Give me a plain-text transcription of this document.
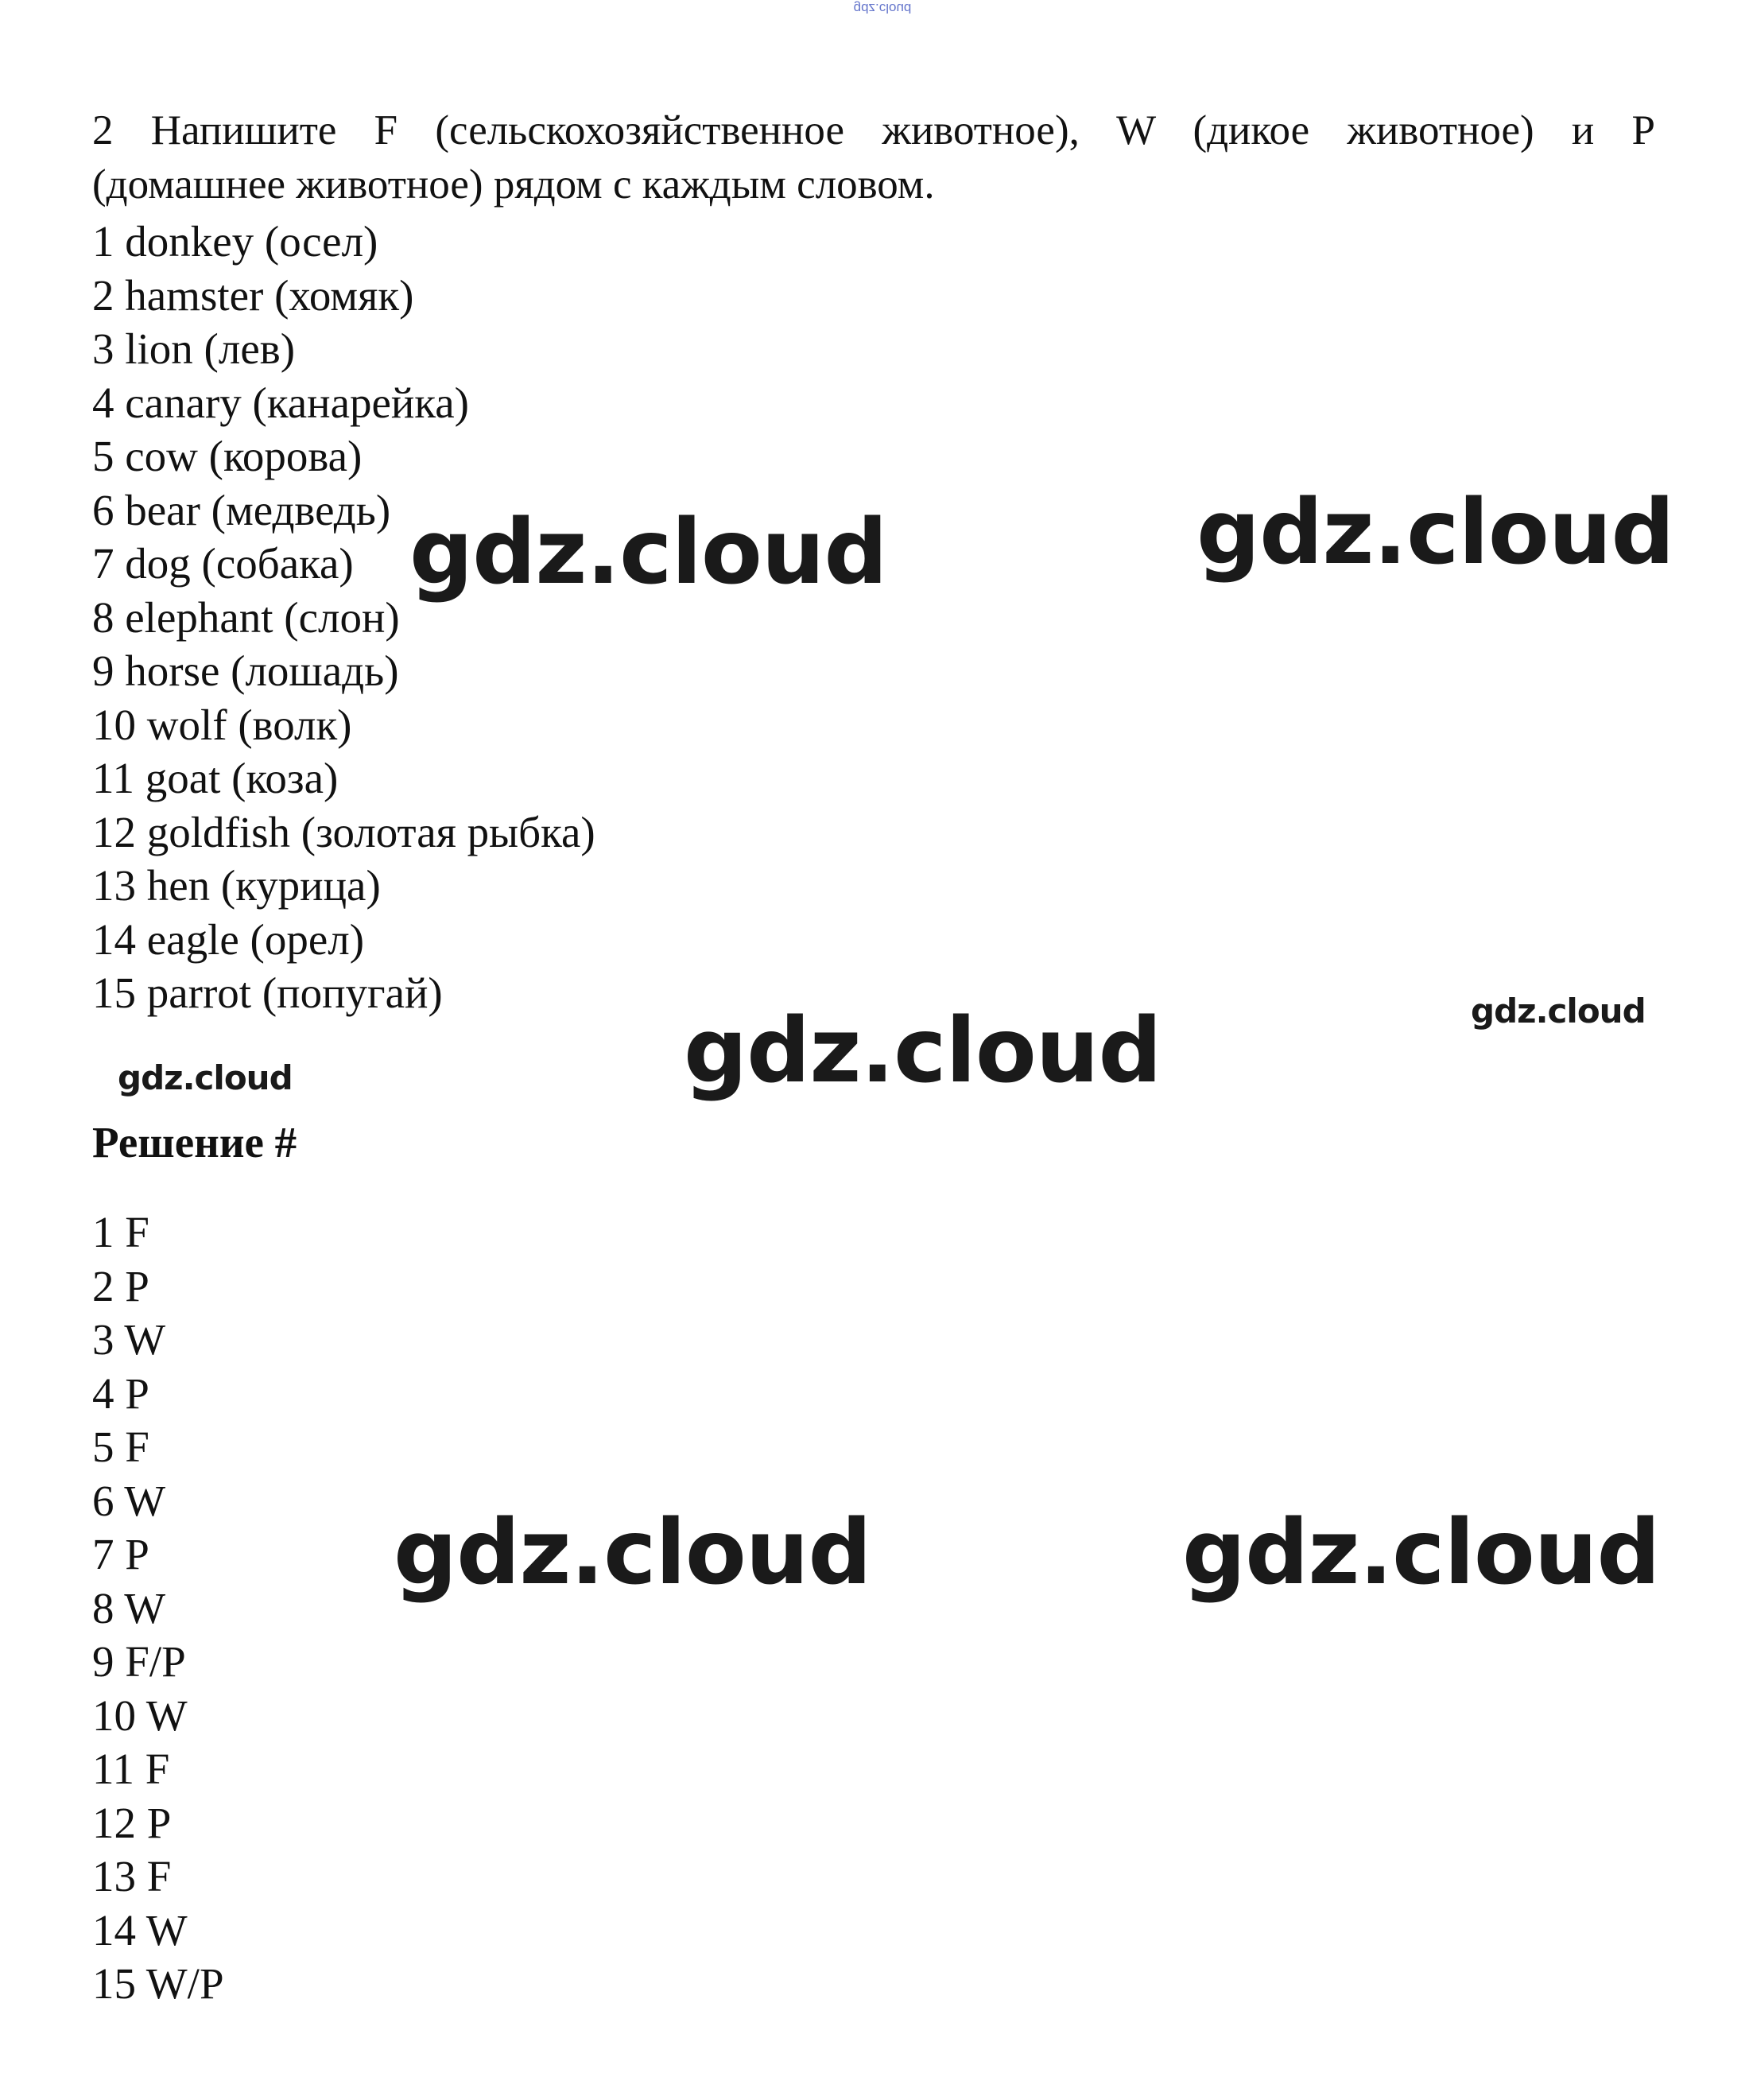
gdz.cloud
2 Напишите F (сельскохозяйственное животное), W (дикое животное) и P
(домашнее животное) рядом с каждым словом.
1 donkey (осел)
2 hamster (хомяк)
3 lion (лев)
4 canary (канарейка)
5 cow (корова)
6 bear (медведь)
7 dog (собака)
8 elephant (слон)
9 horse (лошадь)
10 wolf (волк)
11 goat (коза)
12 goldfish (золотая рыбка)
13 hen (курица)
14 eagle (орел)
15 parrot (попугай)
Решение #
1 F
2 P
3 W
4 P
5 F
6 W
7 P
8 W
9 F/P
10 W
11 F
12 P
13 F
14 W
15 W/P
gdz.cloud	gdz.cloud
gdz.cloud	gdz.cloud
gdz.cloud
gdz.cloud	gdz.cloud
